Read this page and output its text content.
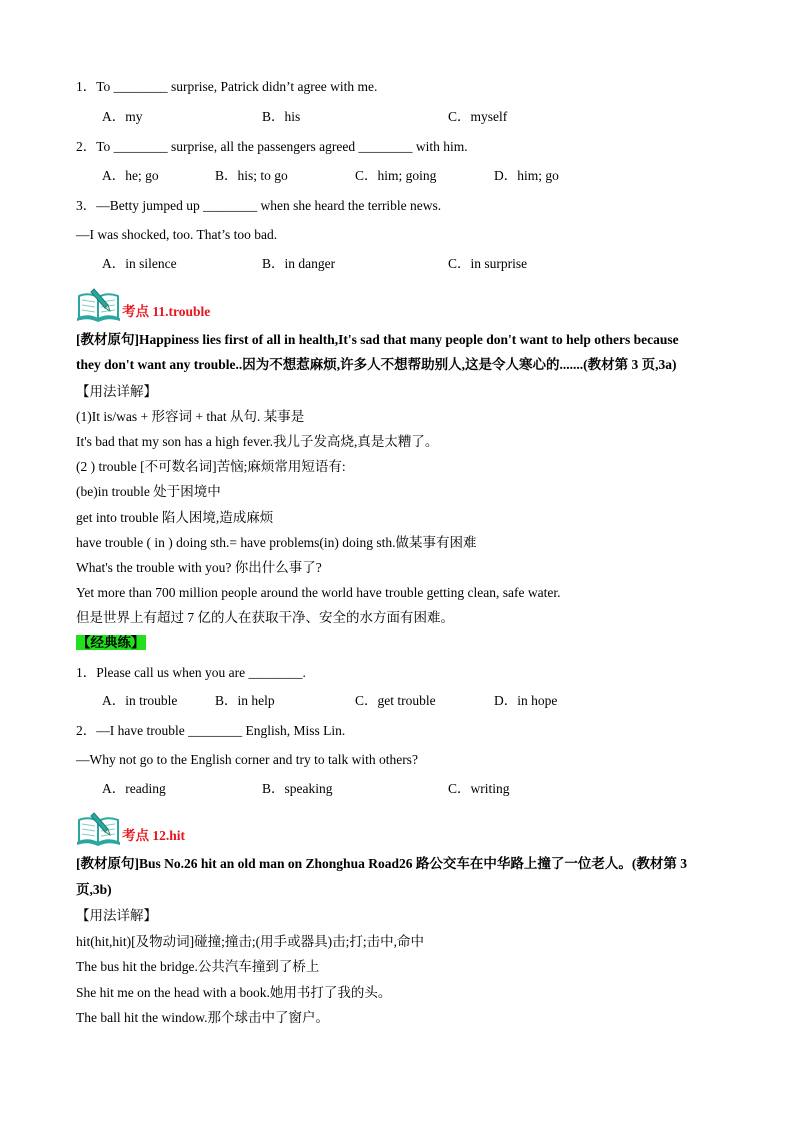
1．To ________ surprise, Patrick didn’t agree with me.
A．my	B．his	C．myself
2．To ________ surprise, all the passengers agreed ________ with him.
A．he; go	B．his; to go	C．him; going	D．him; go
3．—Betty jumped up ________ when she heard the terrible news.
—I was shocked, too. That’s too bad.
A．in silence	B．in danger	C．in surprise
考点 11.trouble
[教材原句]Happiness lies first of all in health,It's sad that many people don't want to help others because
they don't want any trouble..因为不想惹麻烦,许多人不想帮助别人,这是令人寒心的.......(教材第 3 页,3a)
【用法详解】
(1)It is/was + 形容词 + that 从句. 某事是
It's bad that my son has a high fever.我儿子发高烧,真是太糟了。
(2 ) trouble [不可数名词]苦恼;麻烦常用短语有:
(be)in trouble 处于困境中
get into trouble 陷人困境,造成麻烦
have trouble ( in ) doing sth.= have problems(in) doing sth.做某事有困难
What's the trouble with you? 你出什么事了?
Yet more than 700 million people around the world have trouble getting clean, safe water.
但是世界上有超过 7 亿的人在获取干净、安全的水方面有困难。
【经典练】
1．Please call us when you are ________.
A．in trouble	B．in help	C．get trouble	D．in hope
2．—I have trouble ________ English, Miss Lin.
—Why not go to the English corner and try to talk with others?
A．reading	B．speaking	C．writing
考点 12.hit
[教材原句]Bus No.26 hit an old man on Zhonghua Road26 路公交车在中华路上撞了一位老人。(教材第 3
页,3b)
【用法详解】
hit(hit,hit)[及物动词]碰撞;撞击;(用手或器具)击;打;击中,命中
The bus hit the bridge.公共汽车撞到了桥上
She hit me on the head with a book.她用书打了我的头。
The ball hit the window.那个球击中了窗户。
